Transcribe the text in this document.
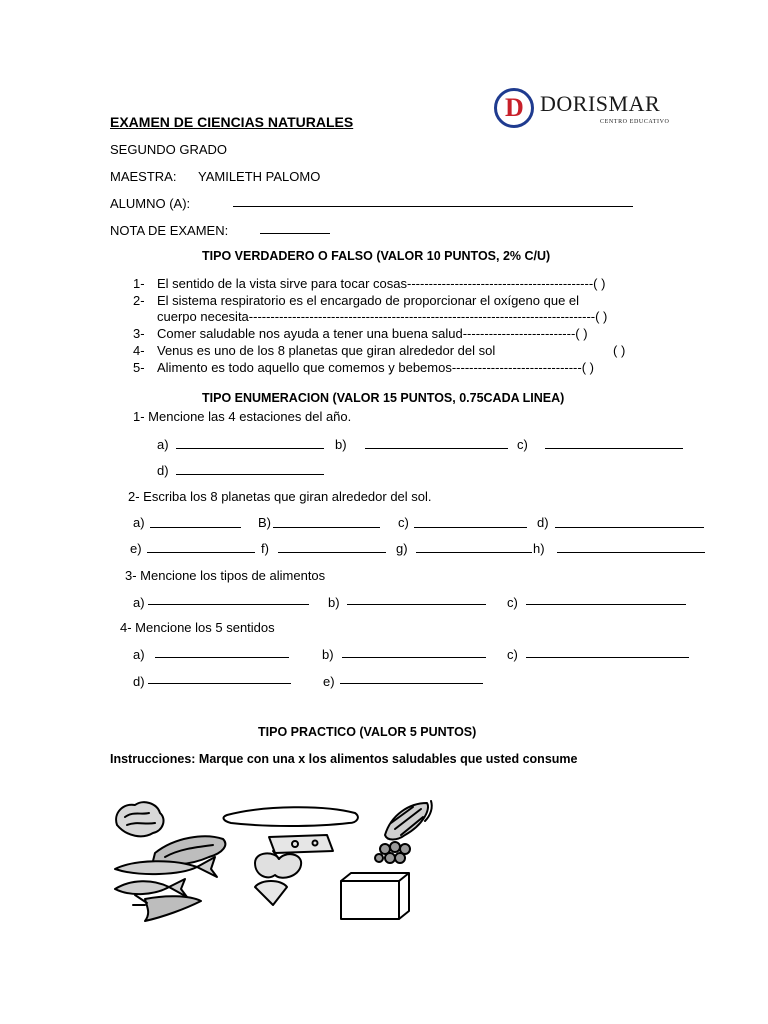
D DORISMAR
CENTRO EDUCATIVO
EXAMEN DE CIENCIAS NATURALES
SEGUNDO GRADO
MAESTRA: YAMILETH PALOMO
ALUMNO (A):
NOTA DE EXAMEN:
TIPO VERDADERO O FALSO (VALOR 10 PUNTOS, 2% C/U)
1- El sentido de la vista sirve para tocar cosas-------------------------------------------( )
2- El sistema respiratorio es el encargado de proporcionar el oxígeno que el
cuerpo necesita--------------------------------------------------------------------------------( )
3- Comer saludable nos ayuda a tener una buena salud--------------------------( )
4- Venus es uno de los 8 planetas que giran alrededor del sol	( )
5- Alimento es todo aquello que comemos y bebemos------------------------------( )
TIPO ENUMERACION (VALOR 15 PUNTOS, 0.75CADA LINEA)
1- Mencione las 4 estaciones del año.
a)	b)	c)
d)
2- Escriba los 8 planetas que giran alrededor del sol.
a)	B)	c)	d)
e)	f)	g)	h)
3- Mencione los tipos de alimentos
a)	b)	c)
4- Mencione los 5 sentidos
a)	b)	c)
d)	e)
TIPO PRACTICO (VALOR 5 PUNTOS)
Instrucciones: Marque con una x los alimentos saludables que usted consume
